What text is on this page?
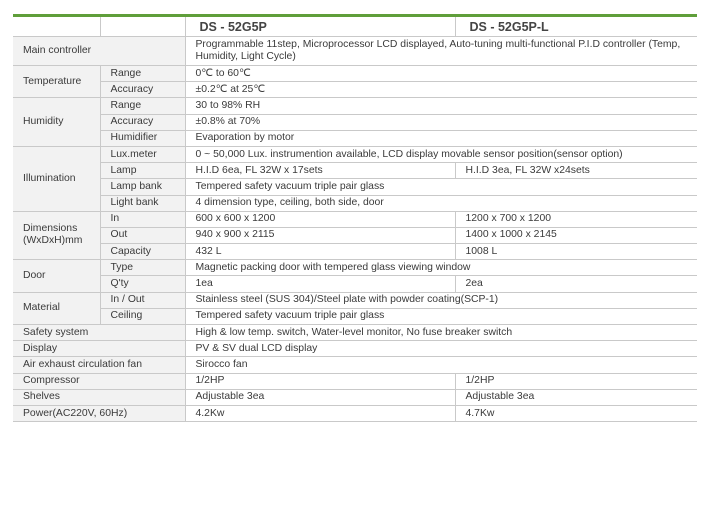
		DS - 52G5P	DS - 52G5P-L
Main controller		Programmable 11step, Microprocessor LCD displayed, Auto-tuning multi-functional P.I.D controller (Temp, Humidity, Light Cycle)	
Temperature	Range	0℃ to 60℃	
	Accuracy	±0.2℃ at 25℃	
Humidity	Range	30 to 98% RH	
	Accuracy	±0.8% at 70%	
	Humidifier	Evaporation by motor	
Illumination	Lux.meter	0 ~ 50,000 Lux. instrumention available, LCD display movable sensor position(sensor option)	
	Lamp	H.I.D 6ea, FL 32W x 17sets	H.I.D 3ea, FL 32W x24sets
	Lamp bank	Tempered safety vacuum triple pair glass	
	Light bank	4 dimension type, ceiling, both side, door	
Dimensions (WxDxH)mm	In	600 x 600 x 1200	1200 x 700 x 1200
	Out	940 x 900 x 2115	1400 x 1000 x 2145
	Capacity	432 L	1008 L
Door	Type	Magnetic packing door with tempered glass viewing window	
	Q'ty	1ea	2ea
Material	In / Out	Stainless steel (SUS 304)/Steel plate with powder coating(SCP-1)	
	Ceiling	Tempered safety vacuum triple pair glass	
Safety system		High & low temp. switch, Water-level monitor, No fuse breaker switch	
Display		PV & SV dual LCD display	
Air exhaust circulation fan		Sirocco fan	
Compressor		1/2HP	1/2HP
Shelves		Adjustable 3ea	Adjustable 3ea
Power(AC220V, 60Hz)		4.2Kw	4.7Kw
